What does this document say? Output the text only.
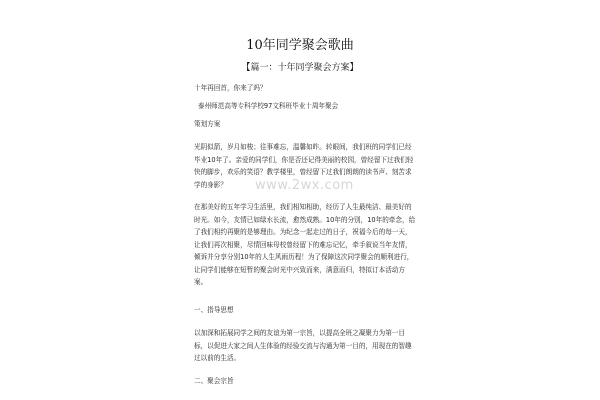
10年同学聚会歌曲
【篇一：十年同学聚会方案】
十年再回首，你来了吗？
泰州师范高等专科学校97文科班毕业十周年聚会
策划方案
光阴似箭，岁月如梭；往事难忘，温馨如昨。转眼间，我们班的同学们已经毕业10年了。亲爱的同学们，你是否还记得美丽的校园，曾经留下过我们轻快的脚步，欢乐的笑语？教学楼里，曾经留下过我们朗朗的读书声、刻苦求学的身影？
在那美好的五年学习生活里，我们相知相助，经历了人生最纯洁、最美好的时光。如今，友情已如绿水长流，愈然成熟。10年的分别，10年的牵念，给了我们相约再聚的是够理由。为纪念一起走过的日子，祝福今后的每一天，让我们再次相聚，尽情回味母校曾经留下的难忘记忆，牵手叙说当年友情，倾诉并分享分别10年的人生风雨历程！为了保障这次同学聚会的顺利进行，让同学们能够在短暂的聚会时光中兴致而来，满意而归，特拟订本活动方案。
一、指导思想
以加深和拓展同学之间的友谊为第一宗旨，以提高全班之凝聚力为第一目标，以促进大家之间人生体验的经验交流与沟通为第一目的，用现在的智趣过以前的生活。
二、聚会宗旨
www.2wx.com
